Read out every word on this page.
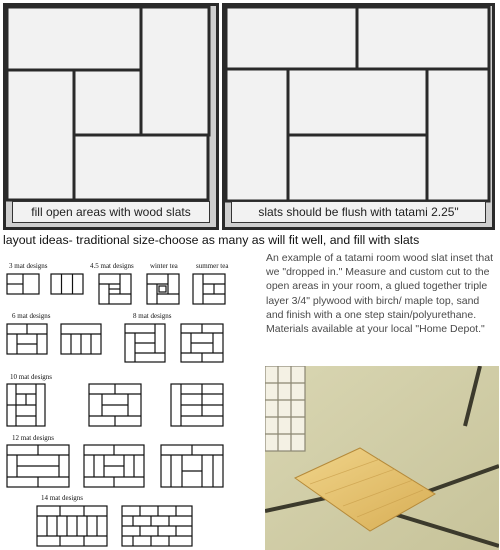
fill open areas with wood slats	slats should be flush with tatami 2.25"
layout ideas- traditional size-choose as many as will fit well, and fill with slats
An example of a tatami room wood slat inset that we "dropped in." Measure and custom cut to the open areas in your room, a glued together triple layer 3/4" plywood with birch/ maple top, sand and finish with a one step stain/polyurethane. Materials available at your local "Home Depot."
3 mat designs	4.5 mat designs winter tea	summer tea
6 mat designs	8 mat designs
10 mat designs
12 mat designs
14 mat designs
